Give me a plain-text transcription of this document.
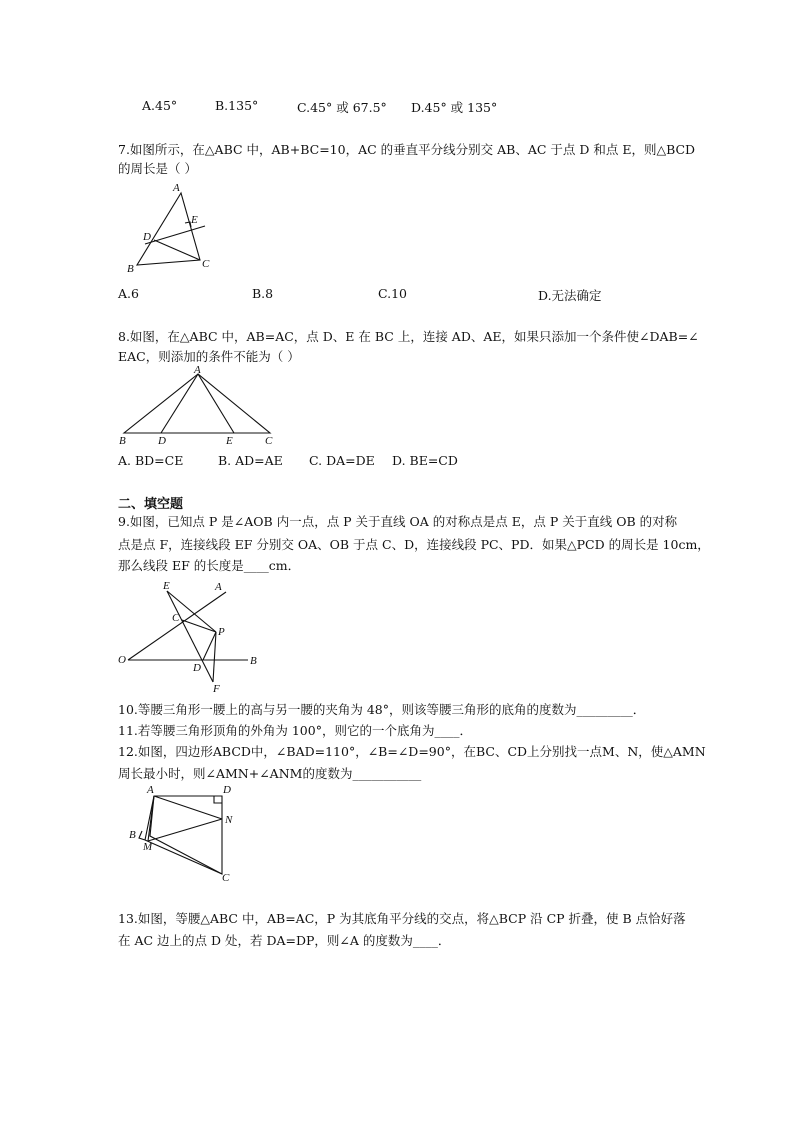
A.45°	B.135°	C.45° 或 67.5° D.45° 或 135°
7.如图所示，在△ABC 中，AB+BC=10，AC 的垂直平分线分别交 AB、AC 于点 D 和点 E，则△BCD
的周长是（ ）
A
E
D
B	C
A.6	B.8	C.10	D.无法确定
8.如图，在△ABC 中，AB=AC，点 D、E 在 BC 上，连接 AD、AE，如果只添加一个条件使∠DAB=∠
EAC，则添加的条件不能为（ ）
A
B	D	E	C
A. BD=CE	B. AD=AE C. DA=DE D. BE=CD
二、填空题
9.如图，已知点 P 是∠AOB 内一点，点 P 关于直线 OA 的对称点是点 E，点 P 关于直线 OB 的对称
点是点 F，连接线段 EF 分别交 OA、OB 于点 C、D，连接线段 PC、PD．如果△PCD 的周长是 10cm，
那么线段 EF 的长度是____cm．
E	A
C
P
O
D
B
F
10.等腰三角形一腰上的高与另一腰的夹角为 48°，则该等腰三角形的底角的度数为_________．
11.若等腰三角形顶角的外角为 100°，则它的一个底角为____．
12.如图，四边形ABCD中，∠BAD=110°，∠B=∠D=90°，在BC、CD上分别找一点M、N，使△AMN
周长最小时，则∠AMN+∠ANM的度数为___________
A	D
N
B
M
C
13.如图，等腰△ABC 中，AB=AC，P 为其底角平分线的交点，将△BCP 沿 CP 折叠，使 B 点恰好落
在 AC 边上的点 D 处，若 DA=DP，则∠A 的度数为____．
